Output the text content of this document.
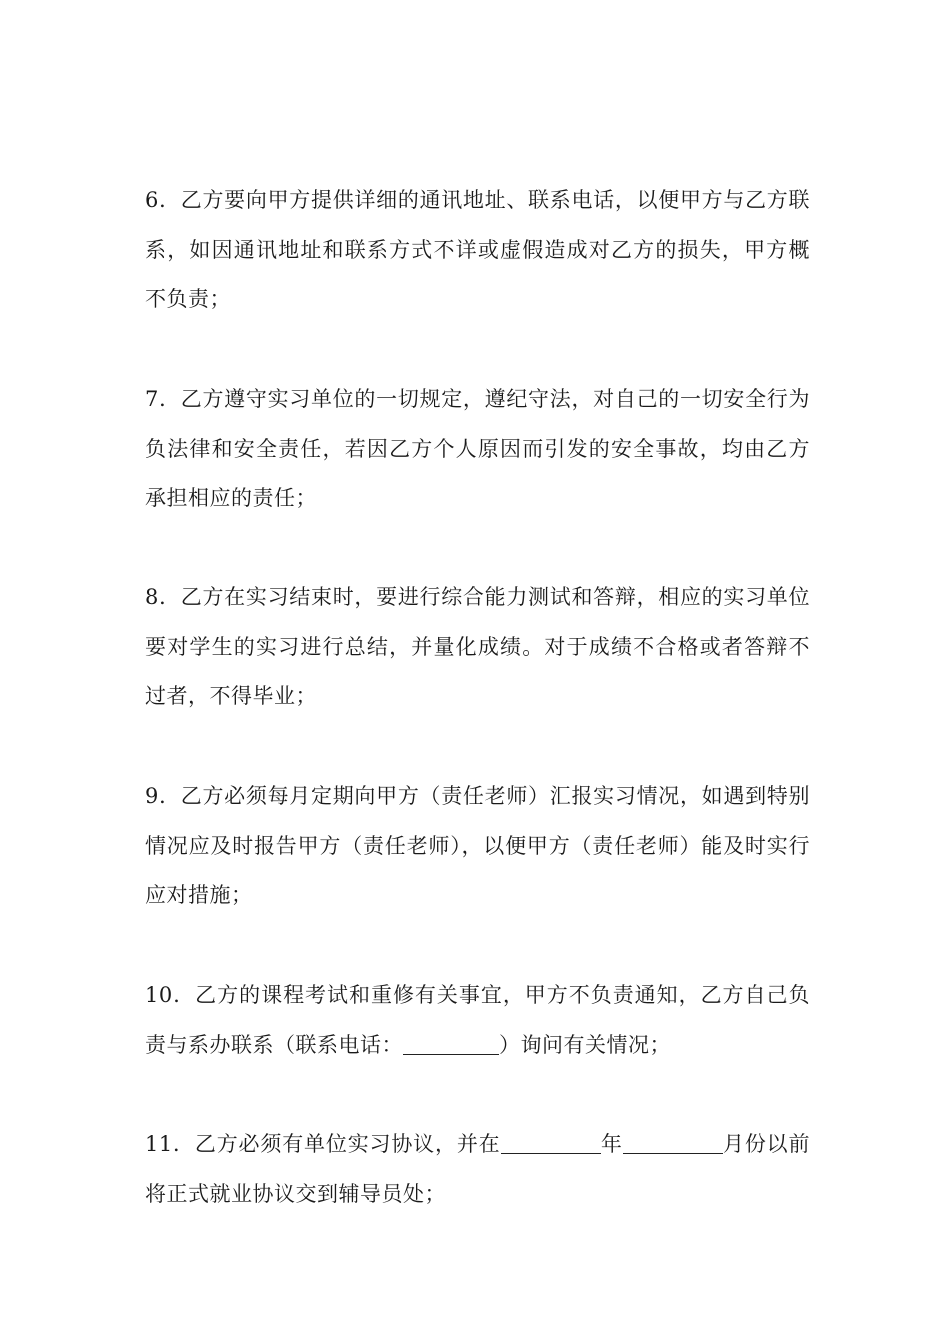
6．乙方要向甲方提供详细的通讯地址、联系电话，以便甲方与乙方联系，如因通讯地址和联系方式不详或虚假造成对乙方的损失，甲方概不负责；

7．乙方遵守实习单位的一切规定，遵纪守法，对自己的一切安全行为负法律和安全责任，若因乙方个人原因而引发的安全事故，均由乙方承担相应的责任；

8．乙方在实习结束时，要进行综合能力测试和答辩，相应的实习单位要对学生的实习进行总结，并量化成绩。对于成绩不合格或者答辩不过者，不得毕业；

9．乙方必须每月定期向甲方（责任老师）汇报实习情况，如遇到特别情况应及时报告甲方（责任老师），以便甲方（责任老师）能及时实行应对措施；

10．乙方的课程考试和重修有关事宜，甲方不负责通知，乙方自己负责与系办联系（联系电话：	）询问有关情况；

11．乙方必须有单位实习协议，并在	年	月份以前将正式就业协议交到辅导员处；
